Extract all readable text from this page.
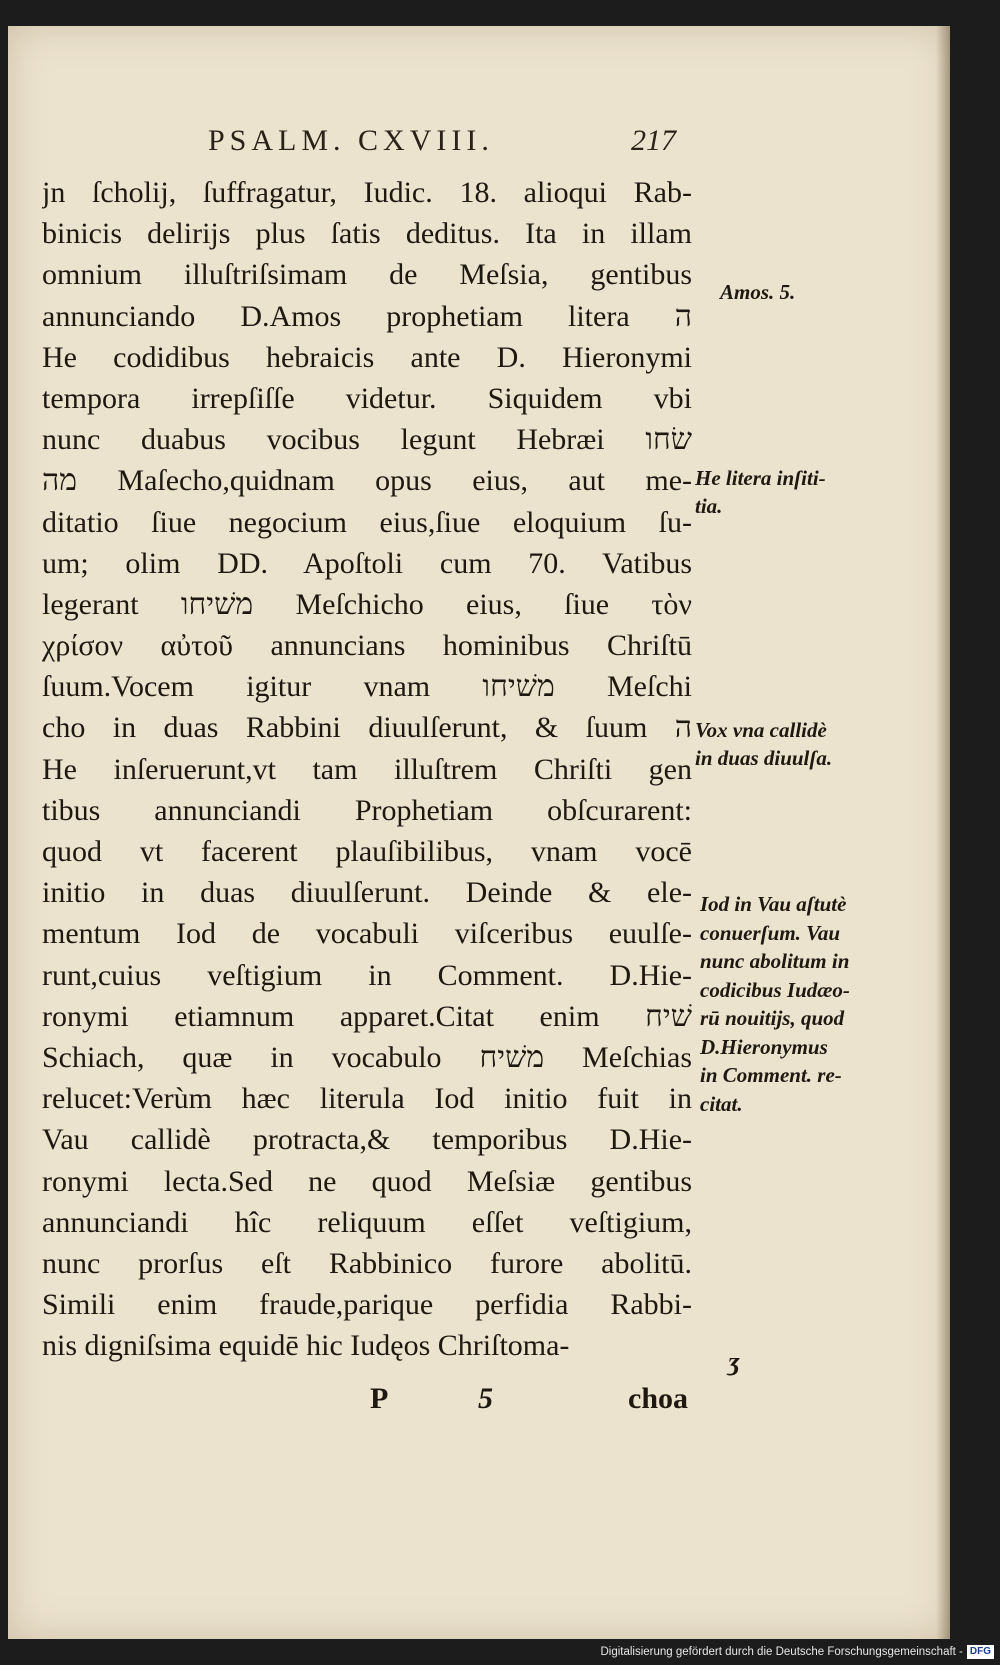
PSALM. CXVIII.	217
jn ſcholij, ſuffragatur, Iudic. 18. alioqui Rab-
binicis delirijs plus ſatis deditus. Ita in illam
omnium illuſtriſsimam de Meſsia, gentibus
annunciando D.Amos prophetiam litera ה
He codidibus hebraicis ante D. Hieronymi
tempora irrepſiſſe videtur. Siquidem vbi
nunc duabus vocibus legunt Hebræi שׂחו
מה Maſecho,quidnam opus eius, aut me-
ditatio ſiue negocium eius,ſiue eloquium ſu-
um; olim DD. Apoſtoli cum 70. Vatibus
legerant משׁיחו Meſchicho eius, ſiue τὸν
χρίσον αὐτοῦ annuncians hominibus Chriſtū
ſuum.Vocem igitur vnam משׁיחו Meſchi
cho in duas Rabbini diuulſerunt, & ſuum ה
He inſeruerunt,vt tam illuſtrem Chriſti gen
tibus annunciandi Prophetiam obſcurarent:
quod vt facerent plauſibilibus, vnam vocē
initio in duas diuulſerunt. Deinde & ele-
mentum Iod de vocabuli viſceribus euulſe-
runt,cuius veſtigium in Comment. D.Hie-
ronymi etiamnum apparet.Citat enim שׁיח
Schiach, quæ in vocabulo משׁיח Meſchias
relucet:Verùm hæc literula Iod initio fuit in
Vau callidè protracta,& temporibus D.Hie-
ronymi lecta.Sed ne quod Meſsiæ gentibus
annunciandi hîc reliquum eſſet veſtigium,
nunc prorſus eſt Rabbinico furore abolitū.
Simili enim fraude,parique perfidia Rabbi-
nis digniſsima equidē hic Iudęos Chriſtoma-	ʒ
Amos. 5.
He litera inſiti-
tia.
Vox vna callidè
in duas diuulſa.
Iod in Vau aſtutè
conuerſum. Vau
nunc abolitum in
codicibus Iudæo-
rū nouitijs, quod
D.Hieronymus
in Comment. re-
citat.
P	5	choa
Digitalisierung gefördert durch die Deutsche Forschungsgemeinschaft - DFG
